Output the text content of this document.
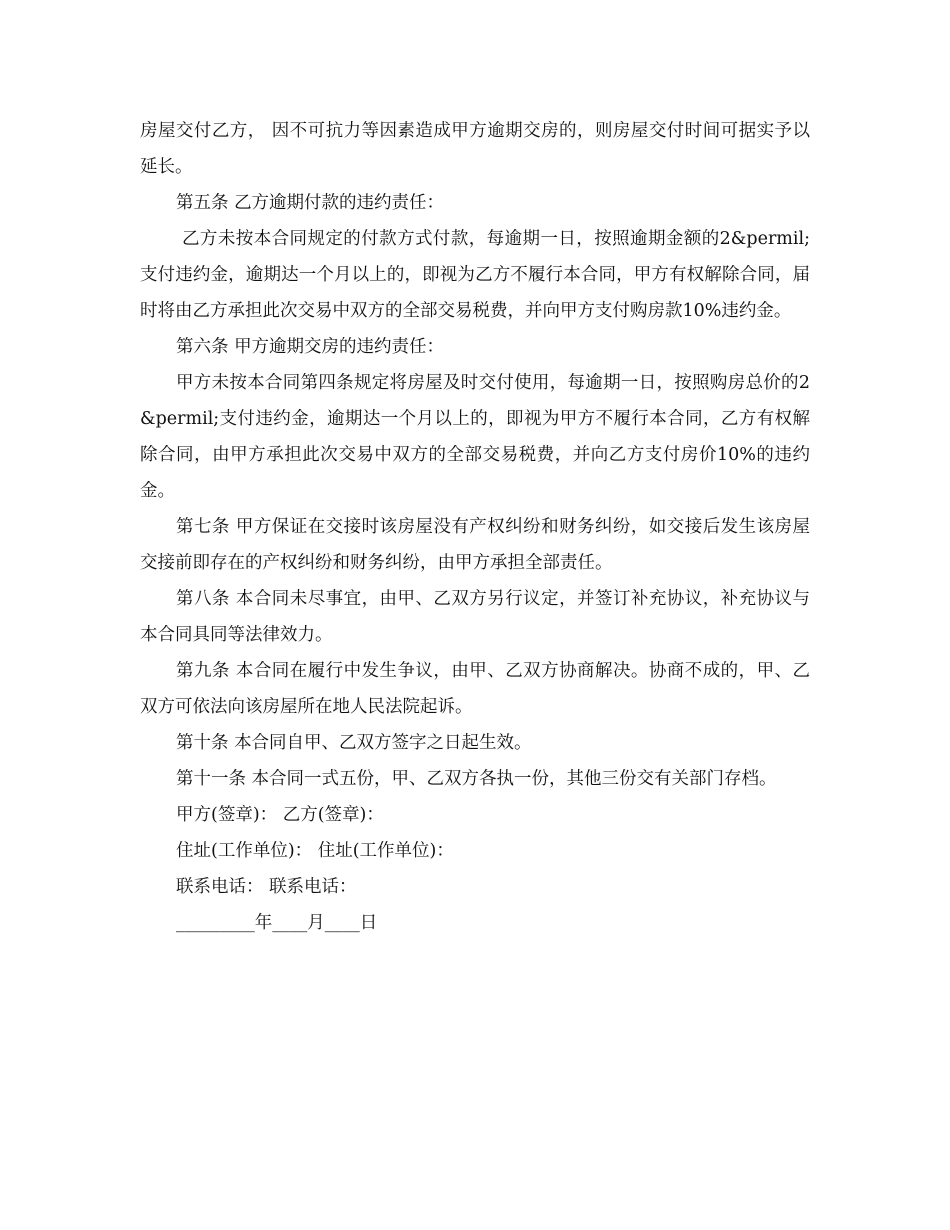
房屋交付乙方， 因不可抗力等因素造成甲方逾期交房的，则房屋交付时间可据实予以延长。

第五条 乙方逾期付款的违约责任：

乙方未按本合同规定的付款方式付款，每逾期一日，按照逾期金额的2&permil;支付违约金，逾期达一个月以上的，即视为乙方不履行本合同，甲方有权解除合同，届时将由乙方承担此次交易中双方的全部交易税费，并向甲方支付购房款10%违约金。

第六条 甲方逾期交房的违约责任：

甲方未按本合同第四条规定将房屋及时交付使用，每逾期一日，按照购房总价的2&permil;支付违约金，逾期达一个月以上的，即视为甲方不履行本合同，乙方有权解除合同，由甲方承担此次交易中双方的全部交易税费，并向乙方支付房价10%的违约金。

第七条 甲方保证在交接时该房屋没有产权纠纷和财务纠纷，如交接后发生该房屋交接前即存在的产权纠纷和财务纠纷，由甲方承担全部责任。

第八条 本合同未尽事宜，由甲、乙双方另行议定，并签订补充协议，补充协议与本合同具同等法律效力。

第九条 本合同在履行中发生争议，由甲、乙双方协商解决。协商不成的，甲、乙双方可依法向该房屋所在地人民法院起诉。

第十条 本合同自甲、乙双方签字之日起生效。

第十一条 本合同一式五份，甲、乙双方各执一份，其他三份交有关部门存档。

甲方(签章)： 乙方(签章)：

住址(工作单位)： 住址(工作单位)：

联系电话： 联系电话：

_________年____月____日
